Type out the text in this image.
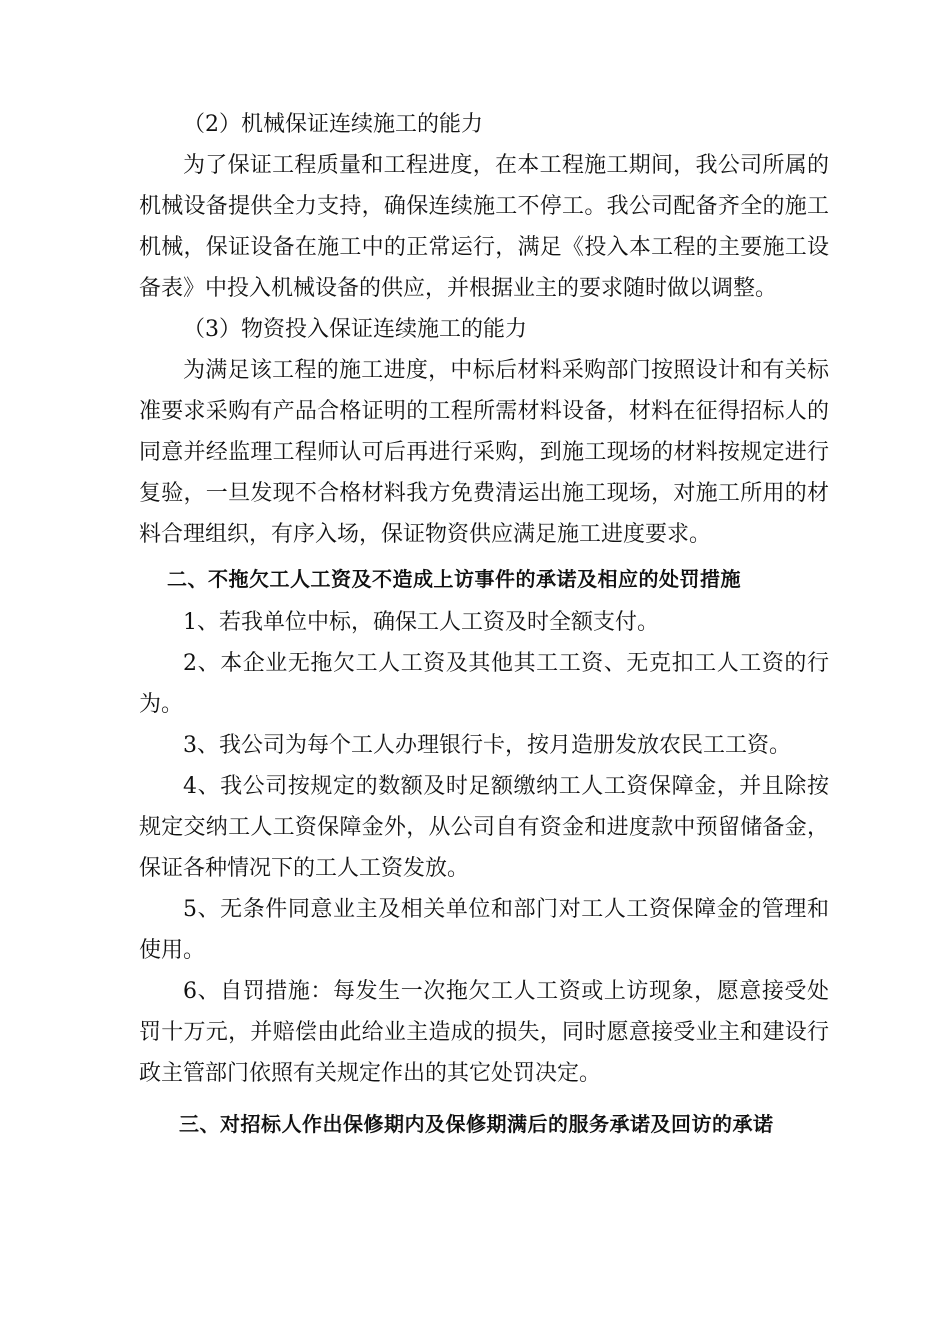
（2）机械保证连续施工的能力

为了保证工程质量和工程进度，在本工程施工期间，我公司所属的机械设备提供全力支持，确保连续施工不停工。我公司配备齐全的施工机械，保证设备在施工中的正常运行，满足《投入本工程的主要施工设备表》中投入机械设备的供应，并根据业主的要求随时做以调整。

（3）物资投入保证连续施工的能力

为满足该工程的施工进度，中标后材料采购部门按照设计和有关标准要求采购有产品合格证明的工程所需材料设备，材料在征得招标人的同意并经监理工程师认可后再进行采购，到施工现场的材料按规定进行复验，一旦发现不合格材料我方免费清运出施工现场，对施工所用的材料合理组织，有序入场，保证物资供应满足施工进度要求。

二、不拖欠工人工资及不造成上访事件的承诺及相应的处罚措施

1、若我单位中标，确保工人工资及时全额支付。

2、本企业无拖欠工人工资及其他其工工资、无克扣工人工资的行为。

3、我公司为每个工人办理银行卡，按月造册发放农民工工资。

4、我公司按规定的数额及时足额缴纳工人工资保障金，并且除按规定交纳工人工资保障金外，从公司自有资金和进度款中预留储备金，保证各种情况下的工人工资发放。

5、无条件同意业主及相关单位和部门对工人工资保障金的管理和使用。

6、自罚措施：每发生一次拖欠工人工资或上访现象，愿意接受处罚十万元，并赔偿由此给业主造成的损失，同时愿意接受业主和建设行政主管部门依照有关规定作出的其它处罚决定。

三、对招标人作出保修期内及保修期满后的服务承诺及回访的承诺
